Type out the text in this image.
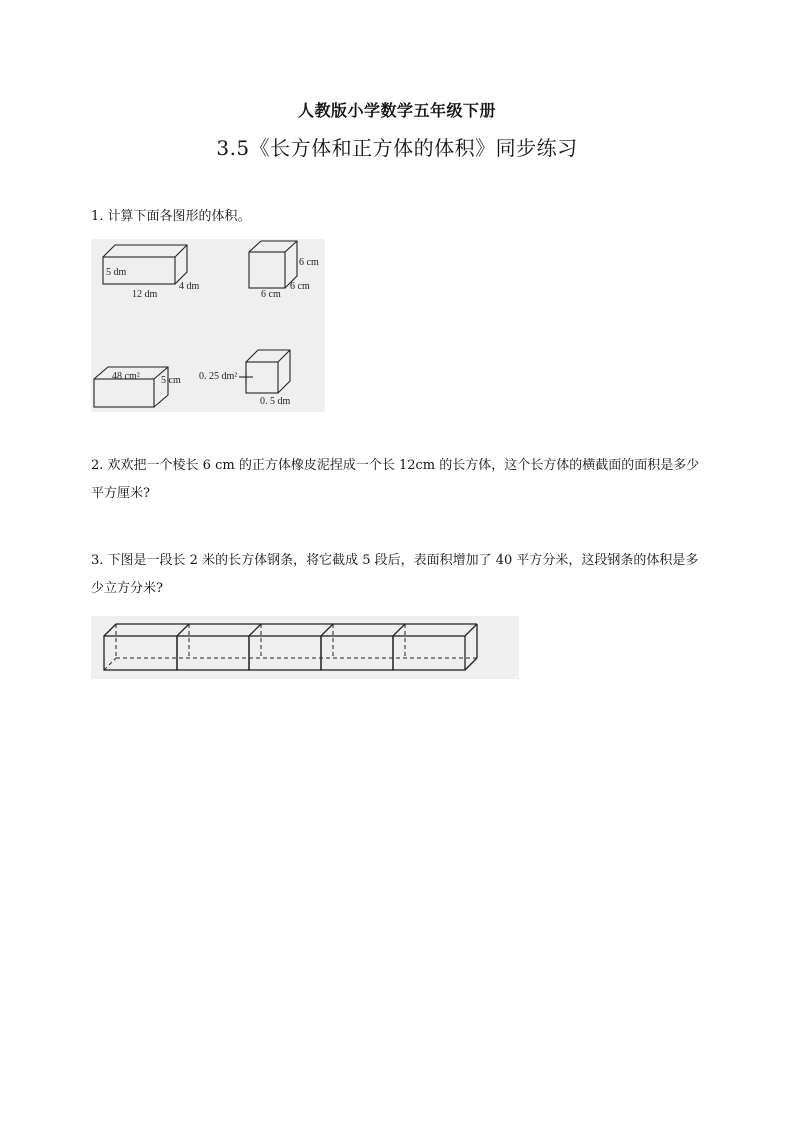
人教版小学数学五年级下册
3.5《长方体和正方体的体积》同步练习
1. 计算下面各图形的体积。
5 dm
12 dm
4 dm
6 cm
6 cm
6 cm
48 cm² 5 cm 0. 25 dm²
0. 5 dm
2. 欢欢把一个棱长 6 cm 的正方体橡皮泥捏成一个长 12cm 的长方体，这个长方体的横截面的面积是多少平方厘米?
3. 下图是一段长 2 米的长方体钢条，将它截成 5 段后，表面积增加了 40 平方分米，这段钢条的体积是多少立方分米?
